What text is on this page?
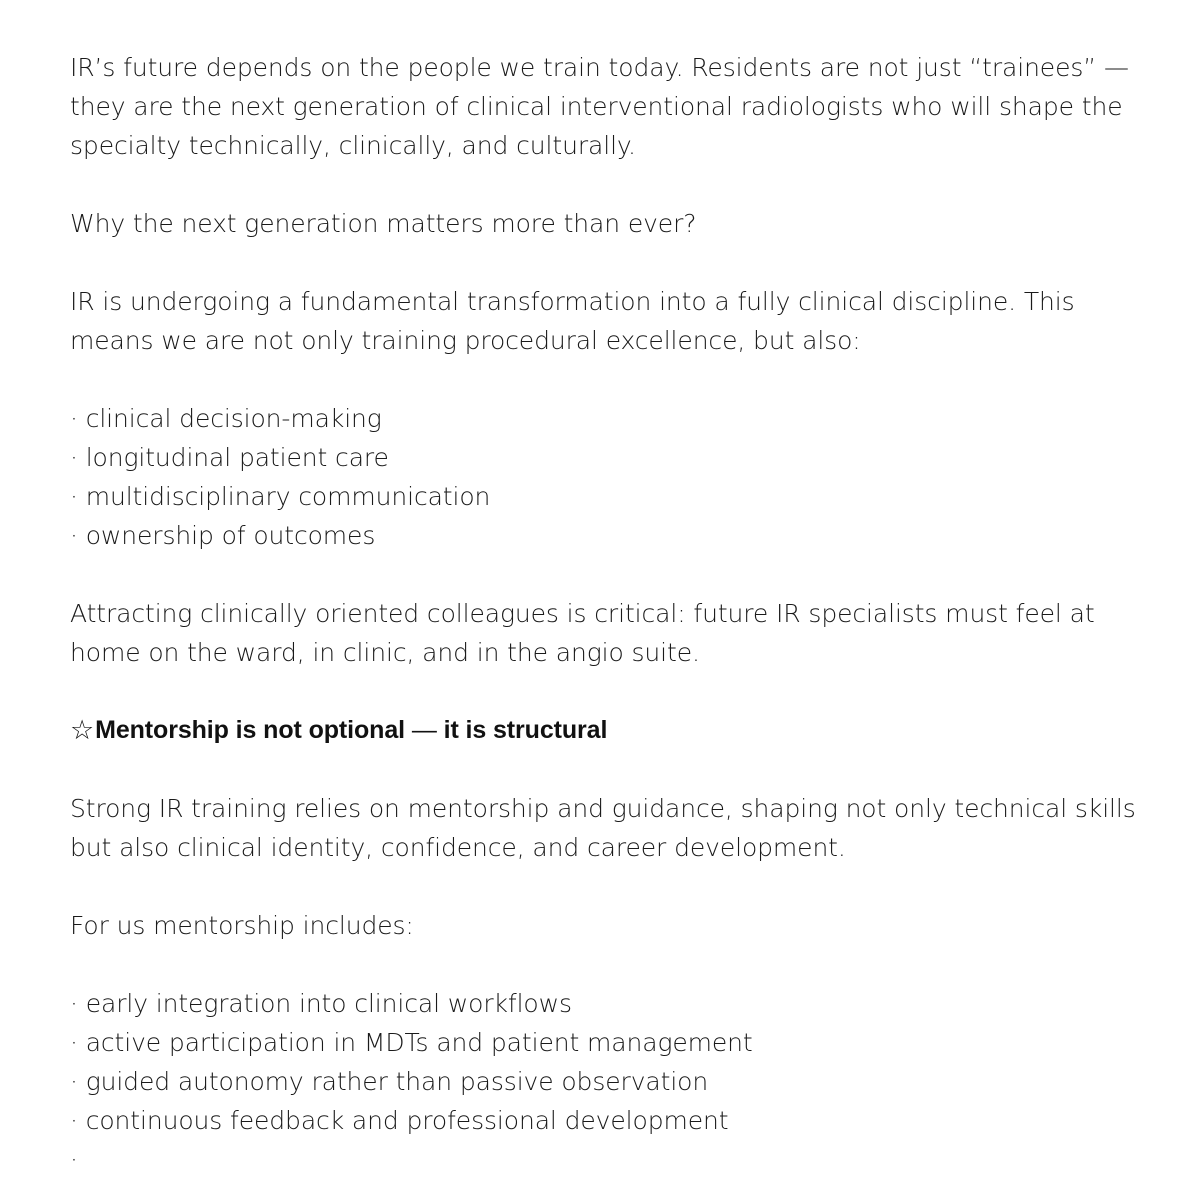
IR’s future depends on the people we train today. Residents are not just “trainees” — they are the next generation of clinical interventional radiologists who will shape the specialty technically, clinically, and culturally.

Why the next generation matters more than ever?

IR is undergoing a fundamental transformation into a fully clinical discipline. This means we are not only training procedural excellence, but also:

· clinical decision-making
· longitudinal patient care
· multidisciplinary communication
· ownership of outcomes

Attracting clinically oriented colleagues is critical: future IR specialists must feel at home on the ward, in clinic, and in the angio suite.

☆ Mentorship is not optional — it is structural

Strong IR training relies on mentorship and guidance, shaping not only technical skills but also clinical identity, confidence, and career development.

For us mentorship includes:

· early integration into clinical workflows
· active participation in MDTs and patient management
· guided autonomy rather than passive observation
· continuous feedback and professional development

·
